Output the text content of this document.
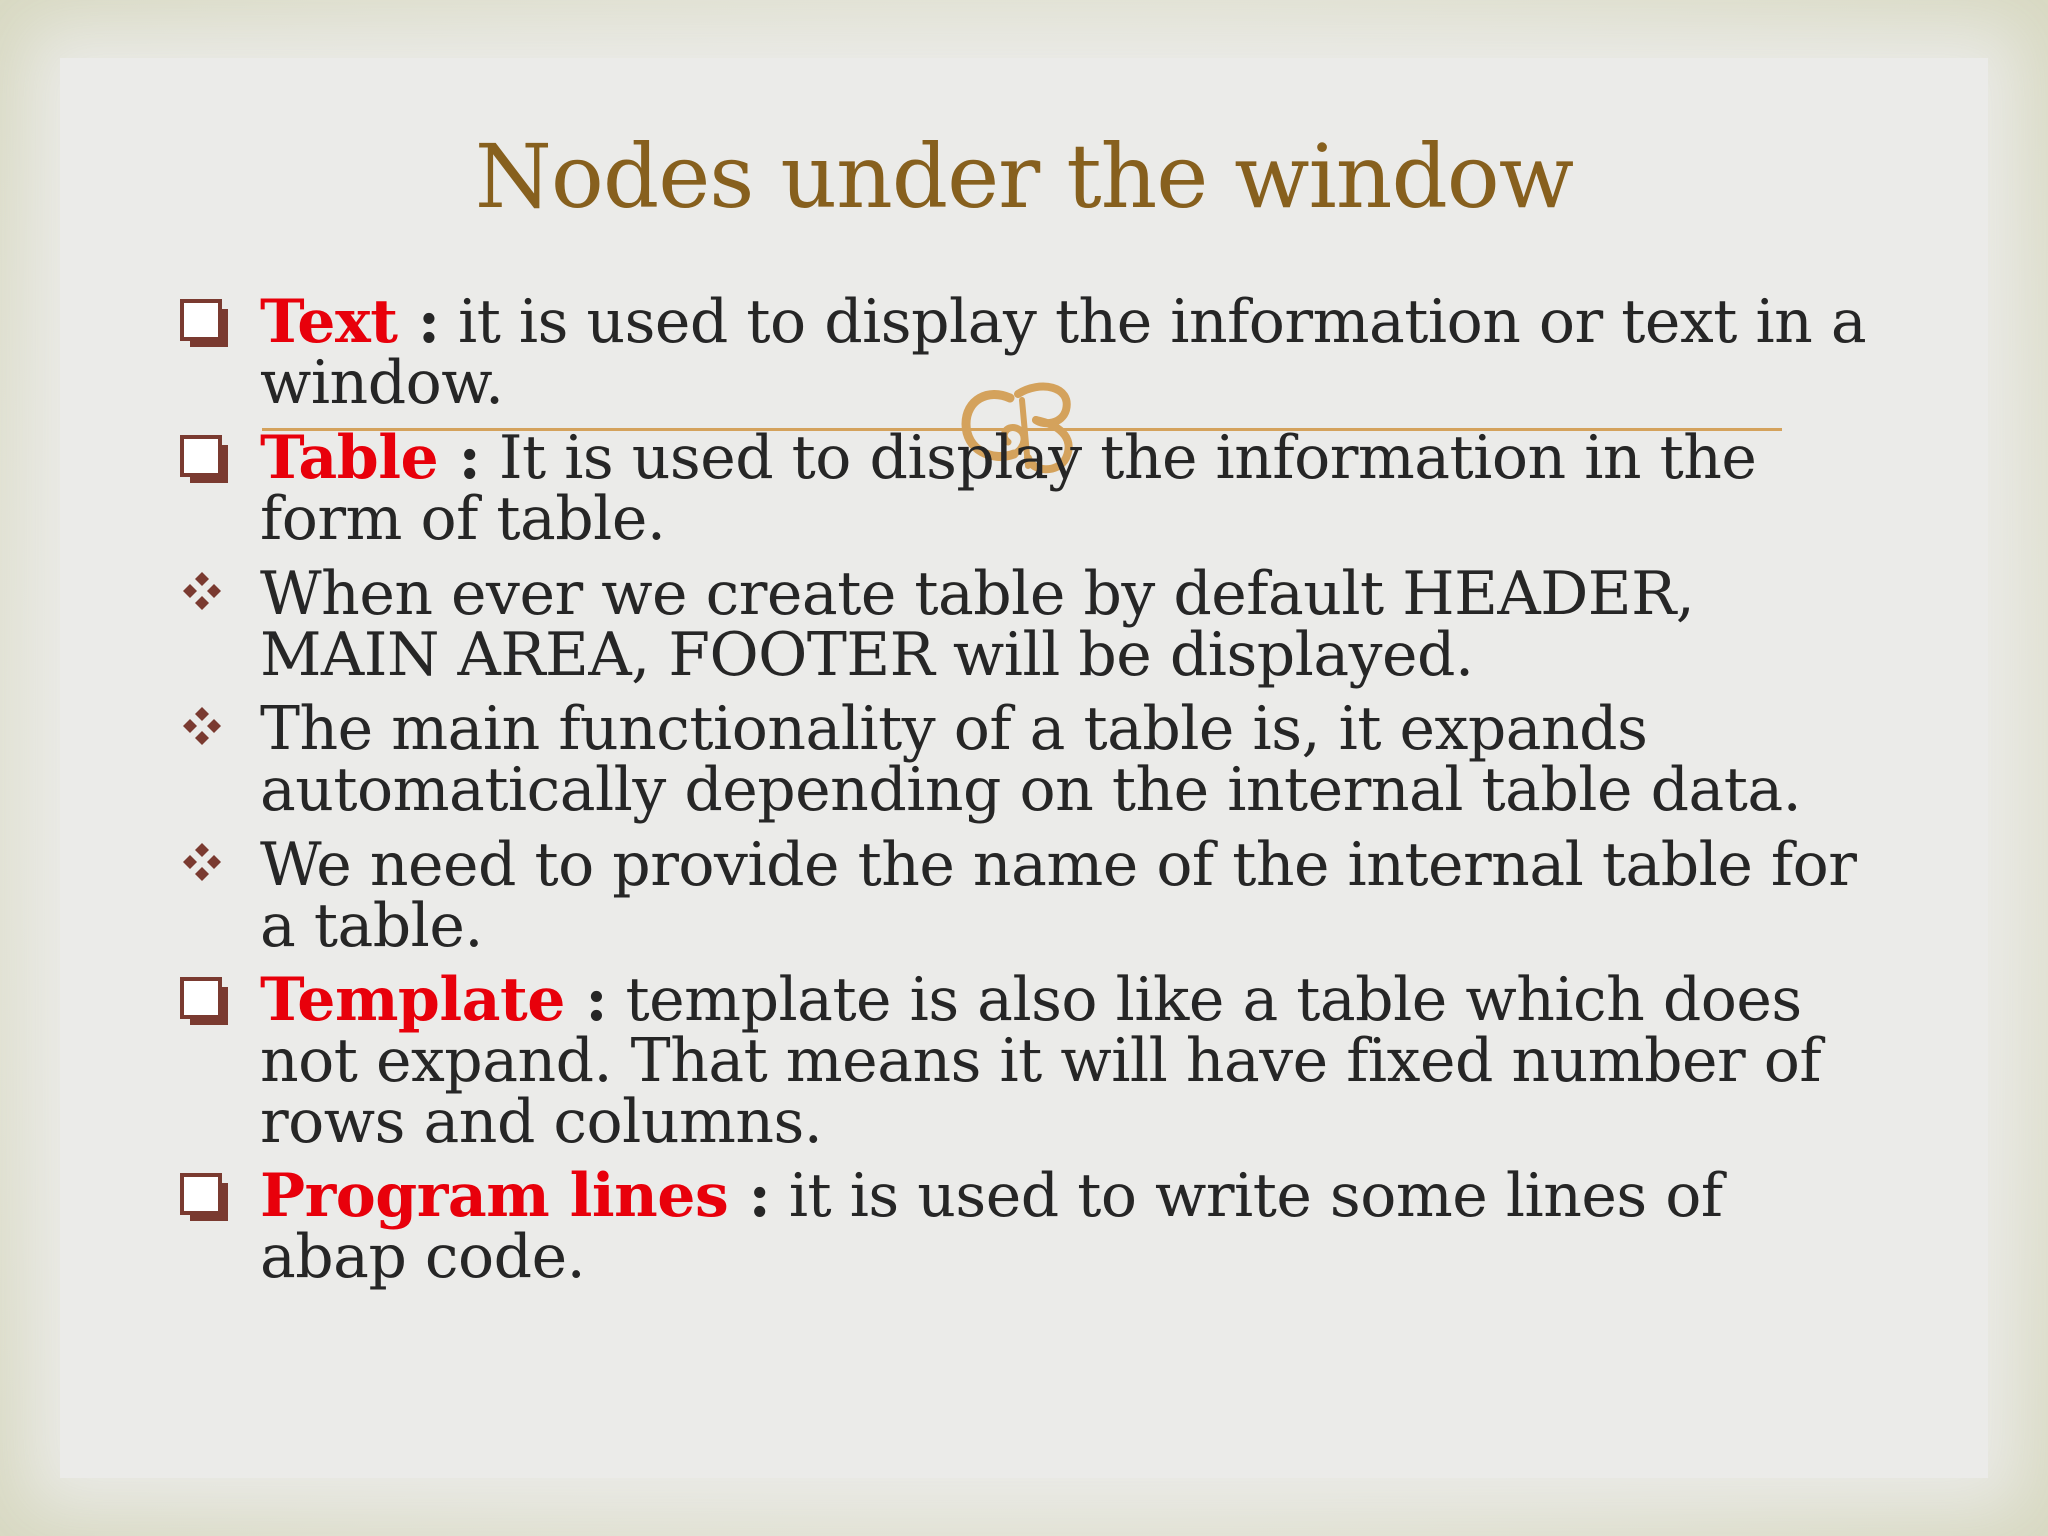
Nodes under the window
Text : it is used to display the information or text in a window.
Table : It is used to display the information in the form of table.
When ever we create table by default HEADER, MAIN AREA, FOOTER will be displayed.
The main functionality of a table is, it expands automatically depending on the internal table data.
We need to provide the name of the internal table for a table.
Template : template is also like a table which does not expand. That means it will have fixed number of rows and columns.
Program lines : it is used to write some lines of abap code.
